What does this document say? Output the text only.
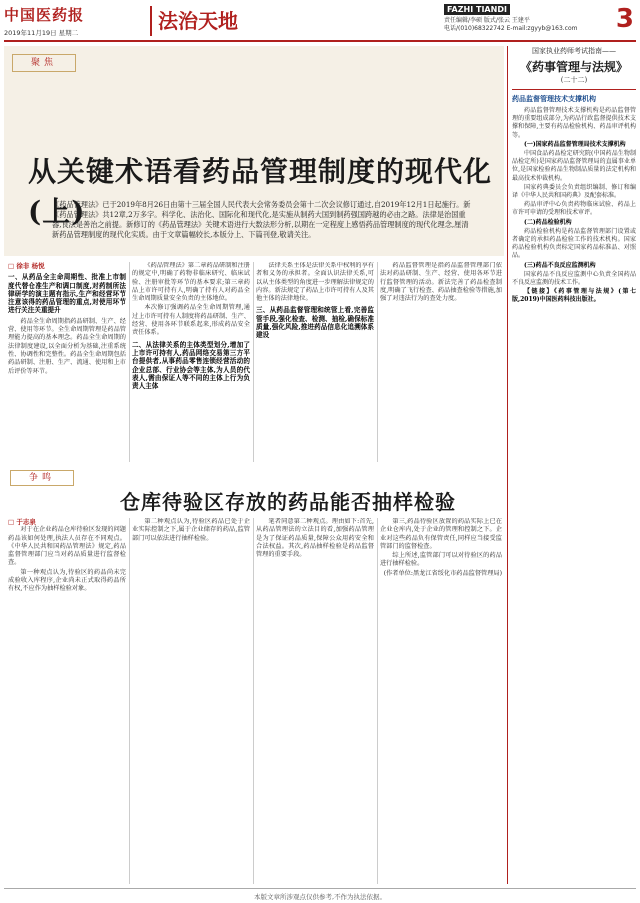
中国医药报
2019年11月19日 星期二	法治天地	FAZHI TIANDI
责任编辑/李硕 版式/张云 王建平
电话/(010)68322742 E-mail:zgyyb@163.com 3
聚焦
从关键术语看药品管理制度的现代化(上)
《药品管理法》已于2019年8月26日由第十三届全国人民代表大会常务委员会第十二次会议修订通过,自2019年12月1日起施行。新《药品管理法》共12章,2万多字。科学化、法治化、国际化和现代化,是实施从制药大国到制药强国跨越的必由之路。法律是治国重器,良法是善治之前提。新修订的《药品管理法》关键术语进行大数法形分析,以期在一定程度上感悟药品管理制度的现代化理念,厘清新药品管理制度的现代化实质。由于文章篇幅较长,本版分上、下篇刊登,敬请关注。
□ 徐非 杨悦
一、从药品全主命周期性、批准上市制度代替仓准生产和调口制度,对药制所法律研学的演主题有指示,生产和经营环节注意该得的药品管理的重点,对使用环节进行关注关重提升
药品全生命周期指药品研制、生产、经营、使用等环节。全生命周期管理是药品管理能力提高的基本理念。药品全生命周期的法律制度建设,以全面分析为基础,注重系统性、协调性和完整性。药品全生命周期包括药品研制、注册、生产、流通、使用和上市后评价等环节。
《药品管理法》第二章药品研制和注册的规定中,明确了药物非临床研究、临床试验、注册审批等环节的基本要求;第三章药品上市许可持有人,明确了持有人对药品全生命周期质量安全负责的主体地位。
本次修订强调药品全生命周期管理,通过上市许可持有人制度将药品研制、生产、经营、使用各环节联系起来,形成药品安全责任体系。
二、从法律关系的主体类型划分,增加了上市许可持有人,药品网络交易第三方平台提供者,从事药品零售连锁经营活动的企业总部、行业协会等主体,为人员的代表人,需由保证人等不同的主体上行为负责人主体
法律关系主体是法律关系中权利的享有者和义务的承担者。全面认识法律关系,可以从主体类型的角度进一步理解法律规定的内容。新法规定了药品上市许可持有人及其他主体的法律地位。
三、从药品监督管理和统管上看,完善监管手段,强化检查、检测、抽检,确保标准质量,强化风险,推进药品信息化追溯体系建设
药品监督管理是指药品监督管理部门依法对药品研制、生产、经营、使用各环节进行监督管理的活动。新法完善了药品检查制度,明确了飞行检查、药品抽查检验等措施,加强了对违法行为的查处力度。
国家执业药师考试指南——
《药事管理与法规》
(二十二)
药品监督管理技术支撑机构

药品监督管理技术支撑机构是药品监督管理的重要组成部分,为药品行政监督提供技术支撑和保障,主要有药品检验机构、药品审评机构等。

(一)国家药品监督管理局技术支撑机构

中国食品药品检定研究院(中国药品生物制品检定所)是国家药品监督管理局的直属事业单位,是国家检验药品生物制品质量的法定机构和最高技术仲裁机构。

国家药典委员会负责组织编制、修订和编译《中华人民共和国药典》及配套标准。

药品审评中心负责药物临床试验、药品上市许可申请的受理和技术审评。

(二)药品检验机构

药品检验机构是药品监督管理部门设置或者确定的承担药品检验工作的技术机构。国家药品检验机构负责标定国家药品标准品、对照品。

(三)药品不良反应监测机构

国家药品不良反应监测中心负责全国药品不良反应监测的技术工作。

【链接】《药事管理与法规》(第七版,2019)中国医药科技出版社。

争鸣
仓库待验区存放的药品能否抽样检验
□ 于志泉
对于在企业药品仓库待验区发现的问题药品该如何处理,执法人员存在不同观点。《中华人民共和国药品管理法》规定,药品监督管理部门应当对药品质量进行监督检查。
第一种观点认为,待验区的药品尚未完成验收入库程序,企业尚未正式取得药品所有权,不应作为抽样检验对象。
第二种观点认为,待验区药品已处于企业实际控制之下,属于企业储存的药品,监管部门可以依法进行抽样检验。
笔者同意第二种观点。理由如下:首先,从药品管理法的立法目的看,加强药品管理是为了保证药品质量,保障公众用药安全和合法权益。其次,药品抽样检验是药品监督管理的重要手段。
第三,药品待验区放置的药品实际上已在企业仓库内,处于企业的管理和控制之下。企业对这些药品负有保管责任,同样应当接受监管部门的监督检查。
综上所述,监管部门可以对待验区的药品进行抽样检验。
(作者单位:黑龙江省绥化市药品监督管理局)
本版文章所涉观点仅供参考,不作为执法依据。
